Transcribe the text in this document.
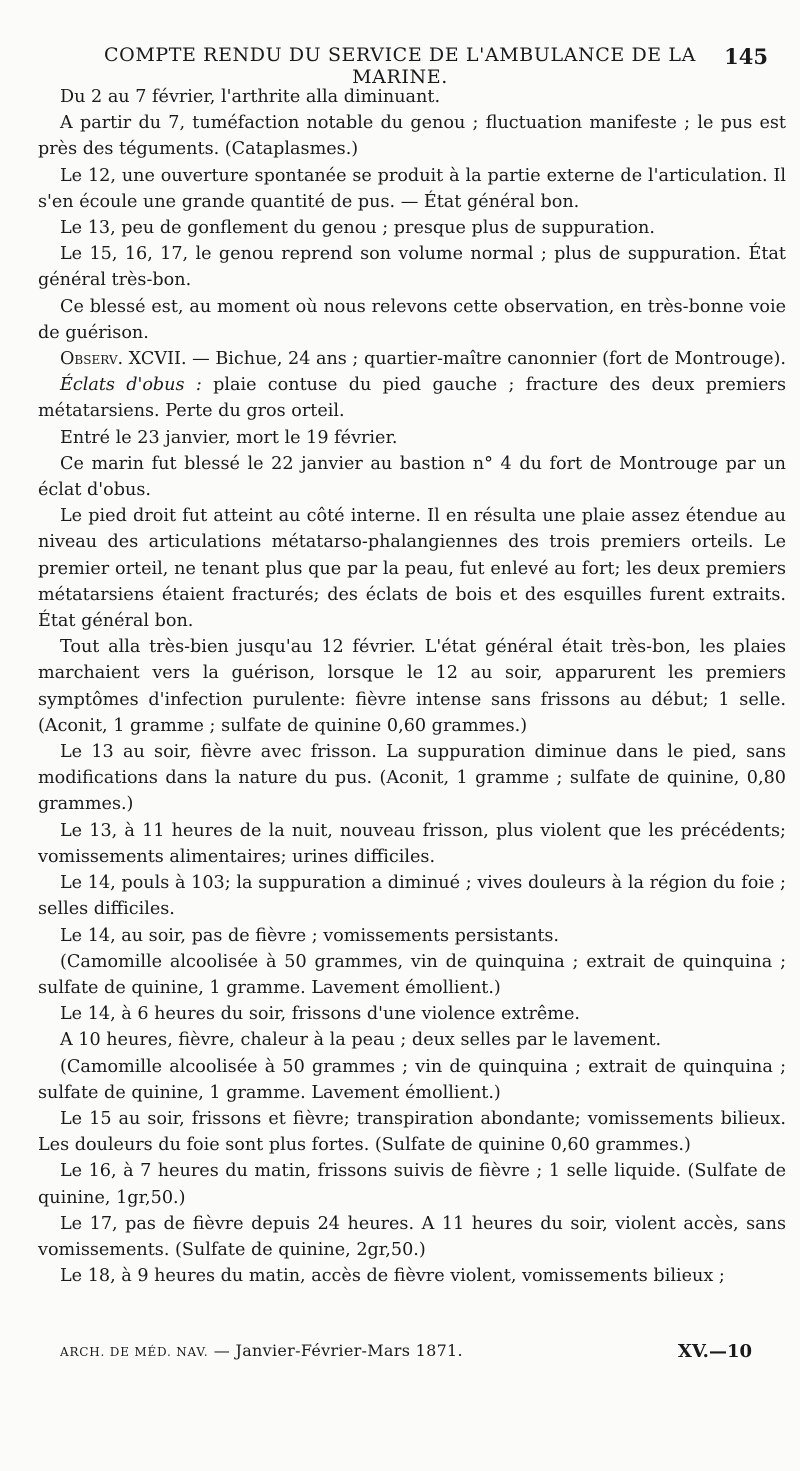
COMPTE RENDU DU SERVICE DE L'AMBULANCE DE LA MARINE.
145

Du 2 au 7 février, l'arthrite alla diminuant.

A partir du 7, tuméfaction notable du genou ; fluctuation manifeste ; le pus est près des téguments. (Cataplasmes.)

Le 12, une ouverture spontanée se produit à la partie externe de l'articulation. Il s'en écoule une grande quantité de pus. — État général bon.

Le 13, peu de gonflement du genou ; presque plus de suppuration.

Le 15, 16, 17, le genou reprend son volume normal ; plus de suppuration. État général très-bon.

Ce blessé est, au moment où nous relevons cette observation, en très-bonne voie de guérison.

Observ. XCVII. — Bichue, 24 ans ; quartier-maître canonnier (fort de Montrouge).

Éclats d'obus : plaie contuse du pied gauche ; fracture des deux premiers métatarsiens. Perte du gros orteil.

Entré le 23 janvier, mort le 19 février.

Ce marin fut blessé le 22 janvier au bastion n° 4 du fort de Montrouge par un éclat d'obus.

Le pied droit fut atteint au côté interne. Il en résulta une plaie assez étendue au niveau des articulations métatarso-phalangiennes des trois premiers orteils. Le premier orteil, ne tenant plus que par la peau, fut enlevé au fort; les deux premiers métatarsiens étaient fracturés; des éclats de bois et des esquilles furent extraits. État général bon.

Tout alla très-bien jusqu'au 12 février. L'état général était très-bon, les plaies marchaient vers la guérison, lorsque le 12 au soir, apparurent les premiers symptômes d'infection purulente: fièvre intense sans frissons au début; 1 selle. (Aconit, 1 gramme ; sulfate de quinine 0,60 grammes.)

Le 13 au soir, fièvre avec frisson. La suppuration diminue dans le pied, sans modifications dans la nature du pus. (Aconit, 1 gramme ; sulfate de quinine, 0,80 grammes.)

Le 13, à 11 heures de la nuit, nouveau frisson, plus violent que les précédents; vomissements alimentaires; urines difficiles.

Le 14, pouls à 103; la suppuration a diminué ; vives douleurs à la région du foie ; selles difficiles.

Le 14, au soir, pas de fièvre ; vomissements persistants.

(Camomille alcoolisée à 50 grammes, vin de quinquina ; extrait de quinquina ; sulfate de quinine, 1 gramme. Lavement émollient.)

Le 14, à 6 heures du soir, frissons d'une violence extrême.

A 10 heures, fièvre, chaleur à la peau ; deux selles par le lavement.

(Camomille alcoolisée à 50 grammes ; vin de quinquina ; extrait de quinquina ; sulfate de quinine, 1 gramme. Lavement émollient.)

Le 15 au soir, frissons et fièvre; transpiration abondante; vomissements bilieux. Les douleurs du foie sont plus fortes. (Sulfate de quinine 0,60 grammes.)

Le 16, à 7 heures du matin, frissons suivis de fièvre ; 1 selle liquide. (Sulfate de quinine, 1gr,50.)

Le 17, pas de fièvre depuis 24 heures. A 11 heures du soir, violent accès, sans vomissements. (Sulfate de quinine, 2gr,50.)

Le 18, à 9 heures du matin, accès de fièvre violent, vomissements bilieux ;

ARCH. DE MÉD. NAV. — Janvier-Février-Mars 1871.	XV.—10
